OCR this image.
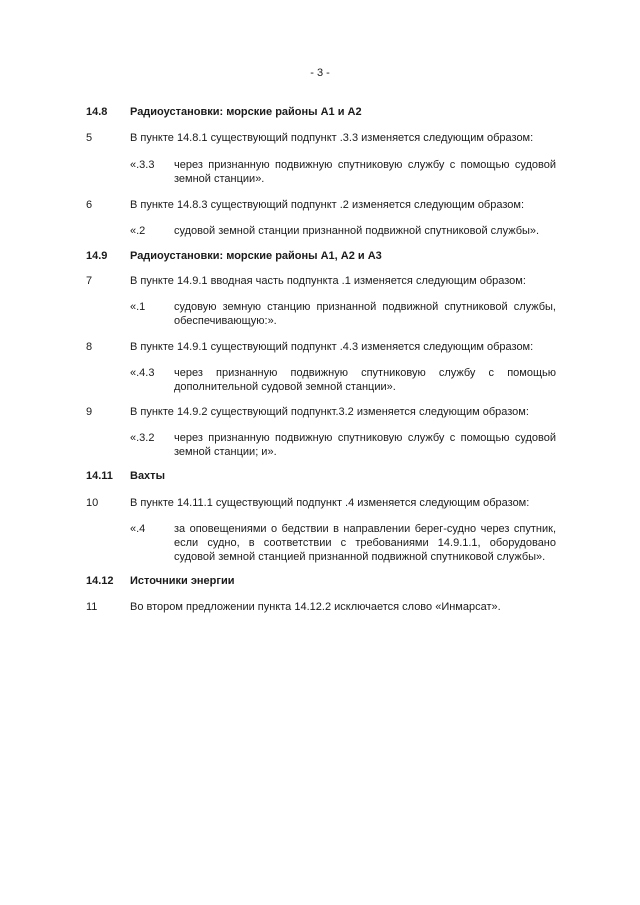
- 3 -
14.8 Радиоустановки: морские районы А1 и А2
5	В пункте 14.8.1 существующий подпункт .3.3 изменяется следующим образом:
«.3.3 через признанную подвижную спутниковую службу с помощью судовой земной станции».
6	В пункте 14.8.3 существующий подпункт .2 изменяется следующим образом:
«.2	судовой земной станции признанной подвижной спутниковой службы».
14.9 Радиоустановки: морские районы А1, А2 и А3
7	В пункте 14.9.1 вводная часть подпункта .1 изменяется следующим образом:
«.1	судовую земную станцию признанной подвижной спутниковой службы, обеспечивающую:».
8	В пункте 14.9.1 существующий подпункт .4.3 изменяется следующим образом:
«.4.3 через признанную подвижную спутниковую службу с помощью дополнительной судовой земной станции».
9	В пункте 14.9.2 существующий подпункт.3.2 изменяется следующим образом:
«.3.2 через признанную подвижную спутниковую службу с помощью судовой земной станции; и».
14.11 Вахты
10	В пункте 14.11.1 существующий подпункт .4 изменяется следующим образом:
«.4	за оповещениями о бедствии в направлении берег-судно через спутник, если судно, в соответствии с требованиями 14.9.1.1, оборудовано судовой земной станцией признанной подвижной спутниковой службы».
14.12 Источники энергии
11	Во втором предложении пункта 14.12.2 исключается слово «Инмарсат».
